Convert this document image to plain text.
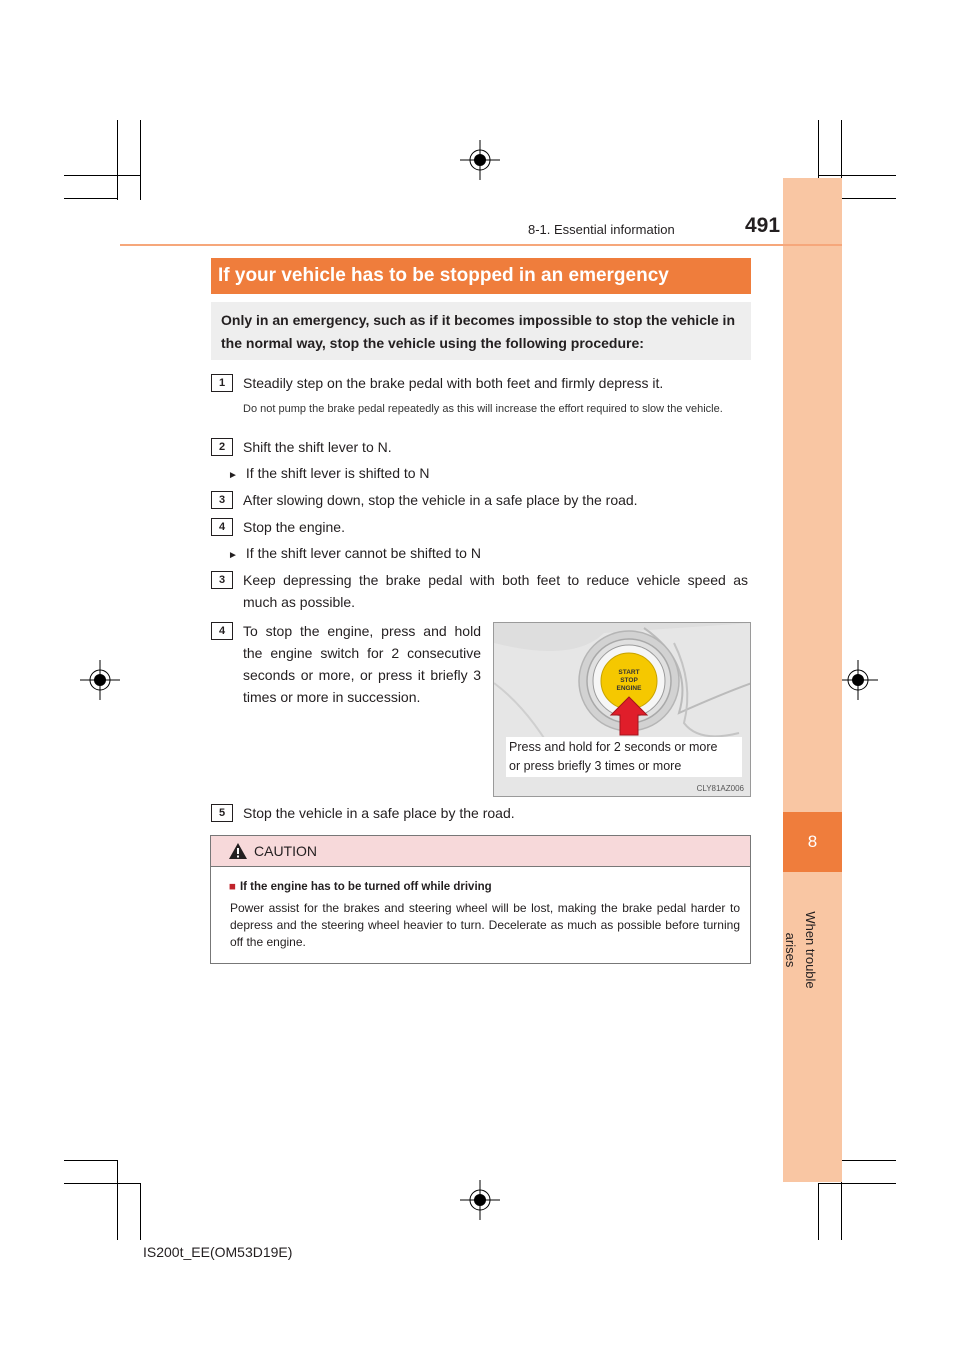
8
When trouble arises
8-1. Essential information	491
If your vehicle has to be stopped in an emergency
Only in an emergency, such as if it becomes impossible to stop the vehicle in the normal way, stop the vehicle using the following procedure:
1	Steadily step on the brake pedal with both feet and firmly depress it.
Do not pump the brake pedal repeatedly as this will increase the effort required to slow the vehicle.
2	Shift the shift lever to N.
► If the shift lever is shifted to N
3	After slowing down, stop the vehicle in a safe place by the road.
4	Stop the engine.
► If the shift lever cannot be shifted to N
3	Keep depressing the brake pedal with both feet to reduce vehicle speed as
much as possible.
4	To stop the engine, press and hold
the engine switch for 2 consecutive
seconds or more, or press it briefly 3
times or more in succession.
START
STOP
ENGINE
Press and hold for 2 seconds or more
or press briefly 3 times or more
CLY81AZ006
5	Stop the vehicle in a safe place by the road.
CAUTION
■ If the engine has to be turned off while driving
Power assist for the brakes and steering wheel will be lost, making the brake pedal harder to depress and the steering wheel heavier to turn. Decelerate as much as possible before turning off the engine.
IS200t_EE(OM53D19E)
